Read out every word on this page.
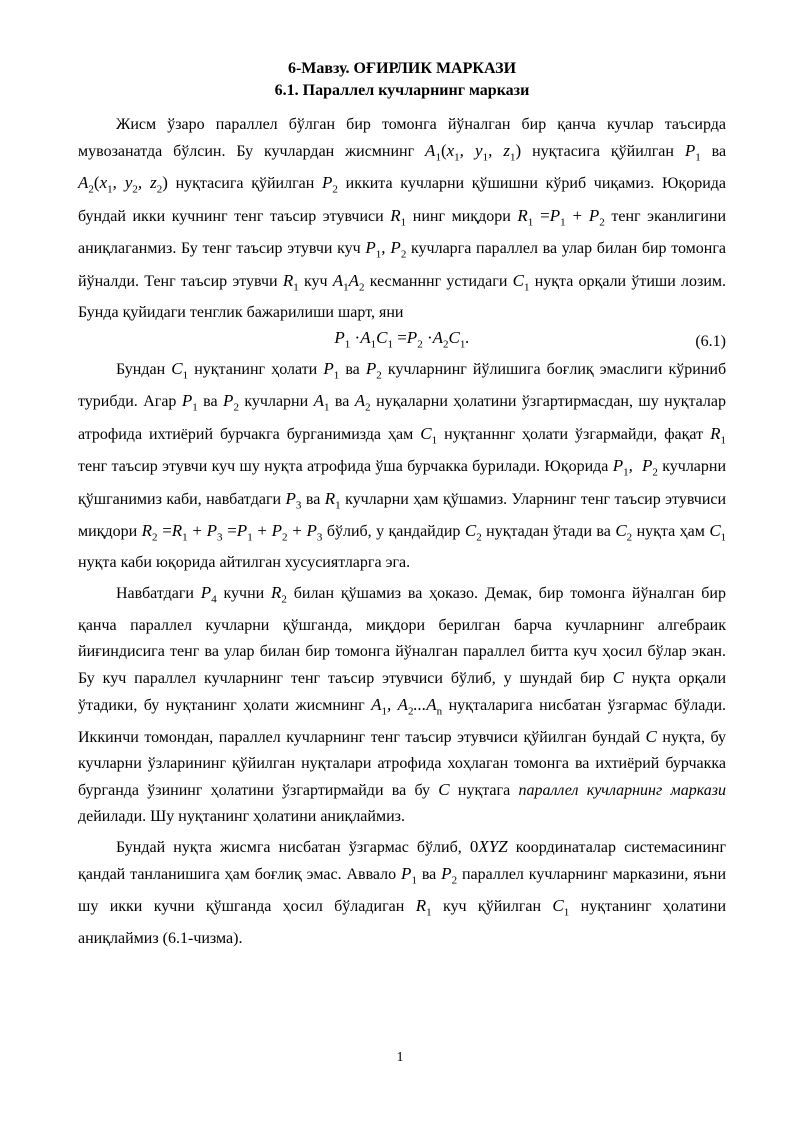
6-Мавзу. ОҒИРЛИК МАРКАЗИ
6.1. Параллел кучларнинг маркази

Жисм ўзаро параллел бўлган бир томонга йўналган бир қанча кучлар таъсирда мувозанатда бўлсин. Бу кучлардан жисмнинг $A_1(x_1$, $y_1$, $z_1$) нуқтасига қўйилган $P_1$ ва $A_2(x_1$, $y_2$, $z_2$) нуқтасига қўйилган $P_2$ иккита кучларни қўшишни кўриб чиқамиз. Юқорида бундай икки кучнинг тенг таъсир этувчиси $R_1$ нинг миқдори $R_1 =P_1 + P_2$ тенг эканлигини аниқлаганмиз. Бу тенг таъсир этувчи куч $P_1$, $P_2$ кучларга параллел ва улар билан бир томонга йўналди. Тенг таъсир этувчи $R_1$ куч $A_1A_2$ кесманннг устидаги $C_1$ нуқта орқали ўтиши лозим. Бунда қуйидаги тенглик бажарилиши шарт, яни

$P_1 \cdot A_1C_1 =P_2 \cdot A_2C_1$.	(6.1)

Бундан $C_1$ нуқтанинг ҳолати $P_1$ ва $P_2$ кучларнинг йўлишига боғлиқ эмаслиги кўриниб турибди. Агар $P_1$ ва $P_2$ кучларни $A_1$ ва $A_2$ нуқаларни ҳолатини ўзгартирмасдан, шу нуқталар атрофида ихтиёрий бурчакга бурганимизда ҳам $C_1$ нуқтанннг ҳолати ўзгармайди, фақат $R_1$ тенг таъсир этувчи куч шу нуқта атрофида ўша бурчакка бурилади. Юқорида $P_1$,  $P_2$ кучларни қўшганимиз каби, навбатдаги $P_3$ ва $R_1$ кучларни ҳам қўшамиз. Уларнинг тенг таъсир этувчиси миқдори $R_2 =R_1 + P_3 =P_1 + P_2 + P_3$ бўлиб, у қандайдир $C_2$ нуқтадан ўтади ва $C_2$ нуқта ҳам $C_1$ нуқта каби юқорида айтилган хусусиятларга эга.

Навбатдаги $P_4$ кучни $R_2$ билан қўшамиз ва ҳоказо. Демак, бир томонга йўналган бир қанча параллел кучларни қўшганда, миқдори берилган барча кучларнинг алгебраик йиғиндисига тенг ва улар билан бир томонга йўналган параллел битта куч ҳосил бўлар экан. Бу куч параллел кучларнинг тенг таъсир этувчиси бўлиб, у шундай бир C нуқта орқали ўтадики, бу нуқтанинг ҳолати жисмнинг $A_1$, $A_2...A_n$ нуқталарига нисбатан ўзгармас бўлади. Иккинчи томондан, параллел кучларнинг тенг таъсир этувчиси қўйилган бундай C нуқта, бу кучларни ўзларининг қўйилган нуқталари атрофида хоҳлаган томонга ва ихтиёрий бурчакка бурганда ўзининг ҳолатини ўзгартирмайди ва бу C нуқтага параллел кучларнинг маркази дейилади. Шу нуқтанинг ҳолатини аниқлаймиз.

Бундай нуқта жисмга нисбатан ўзгармас бўлиб, 0XYZ координаталар системасининг қандай танланишига ҳам боғлиқ эмас. Аввало $P_1$ ва $P_2$ параллел кучларнинг марказини, яъни шу икки кучни қўшганда ҳосил бўладиган $R_1$ куч қўйилган $C_1$ нуқтанинг ҳолатини аниқлаймиз (6.1-чизма).

1
